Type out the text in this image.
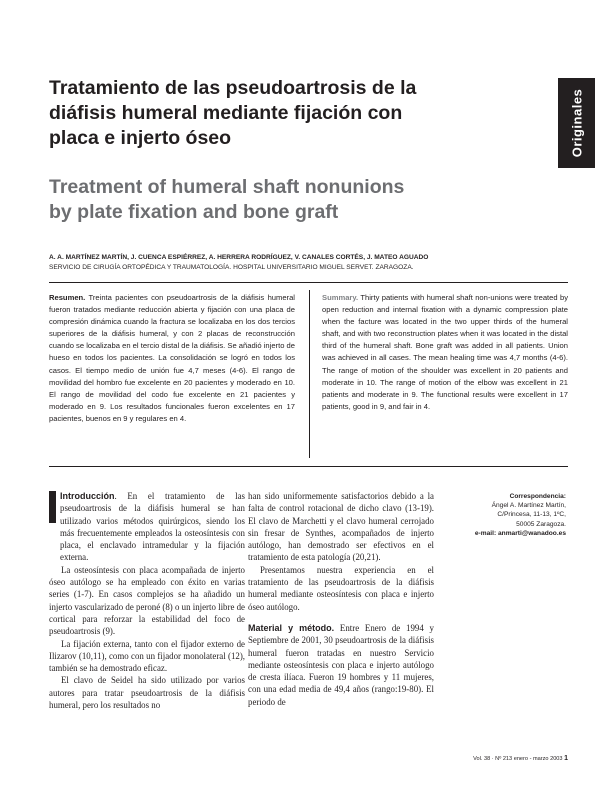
Originales
Tratamiento de las pseudoartrosis de la
diáfisis humeral mediante fijación con
placa e injerto óseo
Treatment of humeral shaft nonunions
by plate fixation and bone graft
A. A. MARTÍNEZ MARTÍN, J. CUENCA ESPIÉRREZ, A. HERRERA RODRÍGUEZ, V. CANALES CORTÉS, J. MATEO AGUADO
SERVICIO DE CIRUGÍA ORTOPÉDICA Y TRAUMATOLOGÍA. HOSPITAL UNIVERSITARIO MIGUEL SERVET. ZARAGOZA.

Resumen. Treinta pacientes con pseudoartrosis de la diáfisis humeral fueron tratados mediante reducción abierta y fijación con una placa de compresión dinámica cuando la fractura se localizaba en los dos tercios superiores de la diáfisis humeral, y con 2 placas de reconstrucción cuando se localizaba en el tercio distal de la diáfisis. Se añadió injerto de hueso en todos los pacientes. La consolidación se logró en todos los casos. El tiempo medio de unión fue 4,7 meses (4-6). El rango de movilidad del hombro fue excelente en 20 pacientes y moderado en 10. El rango de movilidad del codo fue excelente en 21 pacientes y moderado en 9. Los resultados funcionales fueron excelentes en 17 pacientes, buenos en 9 y regulares en 4.

Summary. Thirty patients with humeral shaft non-unions were treated by open reduction and internal fixation with a dynamic compression plate when the facture was located in the two upper thirds of the humeral shaft, and with two reconstruction plates when it was located in the distal third of the humeral shaft. Bone graft was added in all patients. Union was achieved in all cases. The mean healing time was 4,7 months (4-6). The range of motion of the shoulder was excellent in 20 patients and moderate in 10. The range of motion of the elbow was excellent in 21 patients and moderate in 9. The functional results were excellent in 17 patients, good in 9, and fair in 4.

Introducción. En el tratamiento de las pseudoartrosis de la diáfisis humeral se han utilizado varios métodos quirúrgicos, siendo los más frecuentemente empleados la osteosíntesis con placa, el enclavado intramedular y la fijación externa.

La osteosíntesis con placa acompañada de injerto óseo autólogo se ha empleado con éxito en varias series (1-7). En casos complejos se ha añadido un injerto vascularizado de peroné (8) o un injerto libre de cortical para reforzar la estabilidad del foco de pseudoartrosis (9).

La fijación externa, tanto con el fijador externo de Ilizarov (10,11), como con un fijador monolateral (12), también se ha demostrado eficaz.

El clavo de Seidel ha sido utilizado por varios autores para tratar pseudoartrosis de la diáfisis humeral, pero los resultados no

han sido uniformemente satisfactorios debido a la falta de control rotacional de dicho clavo (13-19). El clavo de Marchetti y el clavo humeral cerrojado sin fresar de Synthes, acompañados de injerto autólogo, han demostrado ser efectivos en el tratamiento de esta patología (20,21).

Presentamos nuestra experiencia en el tratamiento de las pseudoartrosis de la diáfisis humeral mediante osteosíntesis con placa e injerto óseo autólogo.

Material y método. Entre Enero de 1994 y Septiembre de 2001, 30 pseudoartrosis de la diáfisis humeral fueron tratadas en nuestro Servicio mediante osteosíntesis con placa e injerto autólogo de cresta ilíaca. Fueron 19 hombres y 11 mujeres, con una edad media de 49,4 años (rango:19-80). El periodo de

Correspondencia:
Ángel A. Martínez Martín,
C/Princesa, 11-13, 1ºC,
50005 Zaragoza.
e-mail: anmarti@wanadoo.es
Vol. 38 · Nº 213 enero - marzo 2003 1
